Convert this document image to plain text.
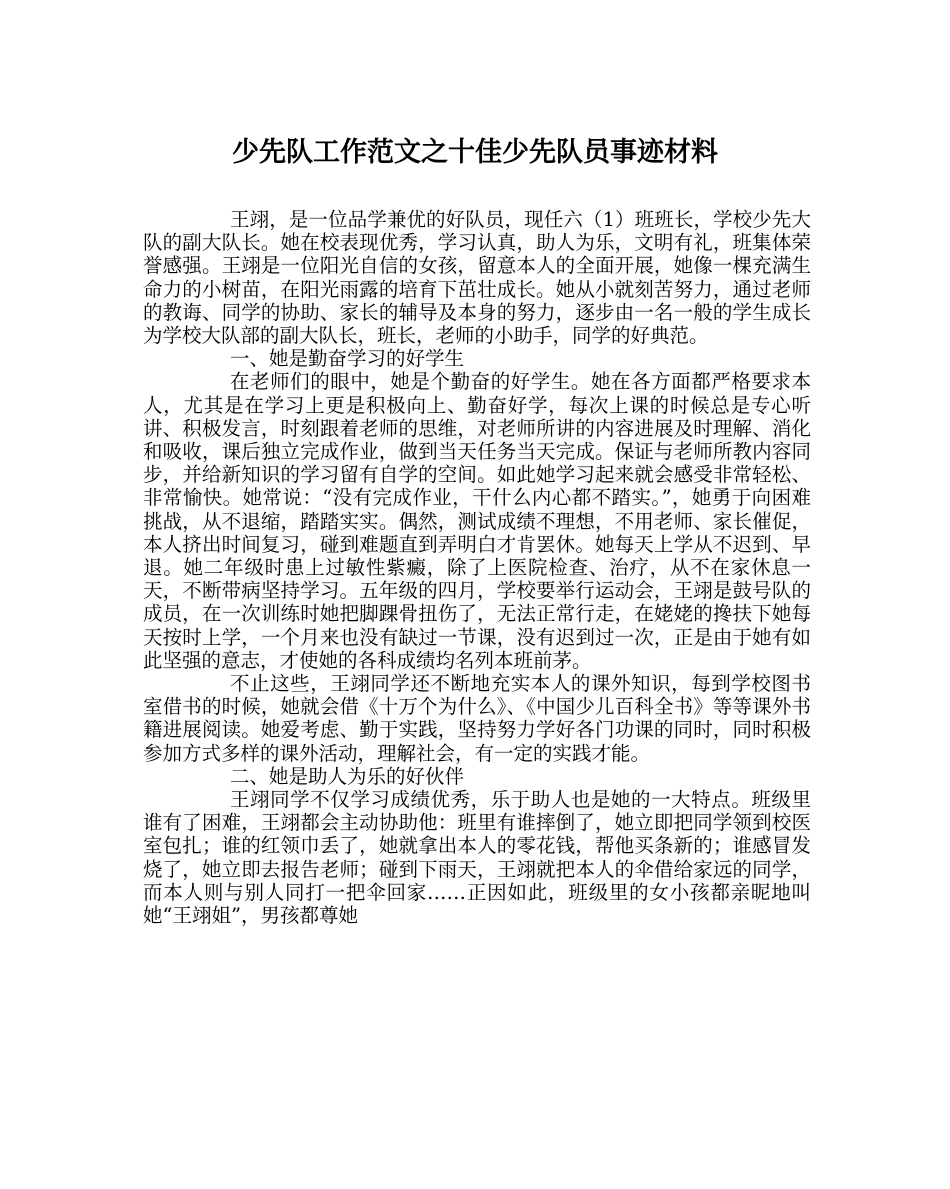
少先队工作范文之十佳少先队员事迹材料

王翊，是一位品学兼优的好队员，现任六（1）班班长，学校少先大队的副大队长。她在校表现优秀，学习认真，助人为乐，文明有礼，班集体荣誉感强。王翊是一位阳光自信的女孩，留意本人的全面开展，她像一棵充满生命力的小树苗，在阳光雨露的培育下茁壮成长。她从小就刻苦努力，通过老师的教诲、同学的协助、家长的辅导及本身的努力，逐步由一名一般的学生成长为学校大队部的副大队长，班长，老师的小助手，同学的好典范。

一、她是勤奋学习的好学生

在老师们的眼中，她是个勤奋的好学生。她在各方面都严格要求本人，尤其是在学习上更是积极向上、勤奋好学，每次上课的时候总是专心听讲、积极发言，时刻跟着老师的思维，对老师所讲的内容进展及时理解、消化和吸收，课后独立完成作业，做到当天任务当天完成。保证与老师所教内容同步，并给新知识的学习留有自学的空间。如此她学习起来就会感受非常轻松、非常愉快。她常说：“没有完成作业，干什么内心都不踏实。”，她勇于向困难挑战，从不退缩，踏踏实实。偶然，测试成绩不理想，不用老师、家长催促，本人挤出时间复习，碰到难题直到弄明白才肯罢休。她每天上学从不迟到、早退。她二年级时患上过敏性紫癜，除了上医院检查、治疗，从不在家休息一天，不断带病坚持学习。五年级的四月，学校要举行运动会，王翊是鼓号队的成员，在一次训练时她把脚踝骨扭伤了，无法正常行走，在姥姥的搀扶下她每天按时上学，一个月来也没有缺过一节课，没有迟到过一次，正是由于她有如此坚强的意志，才使她的各科成绩均名列本班前茅。

不止这些，王翊同学还不断地充实本人的课外知识，每到学校图书室借书的时候，她就会借《十万个为什么》、《中国少儿百科全书》等等课外书籍进展阅读。她爱考虑、勤于实践，坚持努力学好各门功课的同时，同时积极参加方式多样的课外活动，理解社会，有一定的实践才能。

二、她是助人为乐的好伙伴

王翊同学不仅学习成绩优秀，乐于助人也是她的一大特点。班级里谁有了困难，王翊都会主动协助他：班里有谁摔倒了，她立即把同学领到校医室包扎；谁的红领巾丢了，她就拿出本人的零花钱，帮他买条新的；谁感冒发烧了，她立即去报告老师；碰到下雨天，王翊就把本人的伞借给家远的同学，而本人则与别人同打一把伞回家……正因如此，班级里的女小孩都亲昵地叫她“王翊姐”，男孩都尊她
